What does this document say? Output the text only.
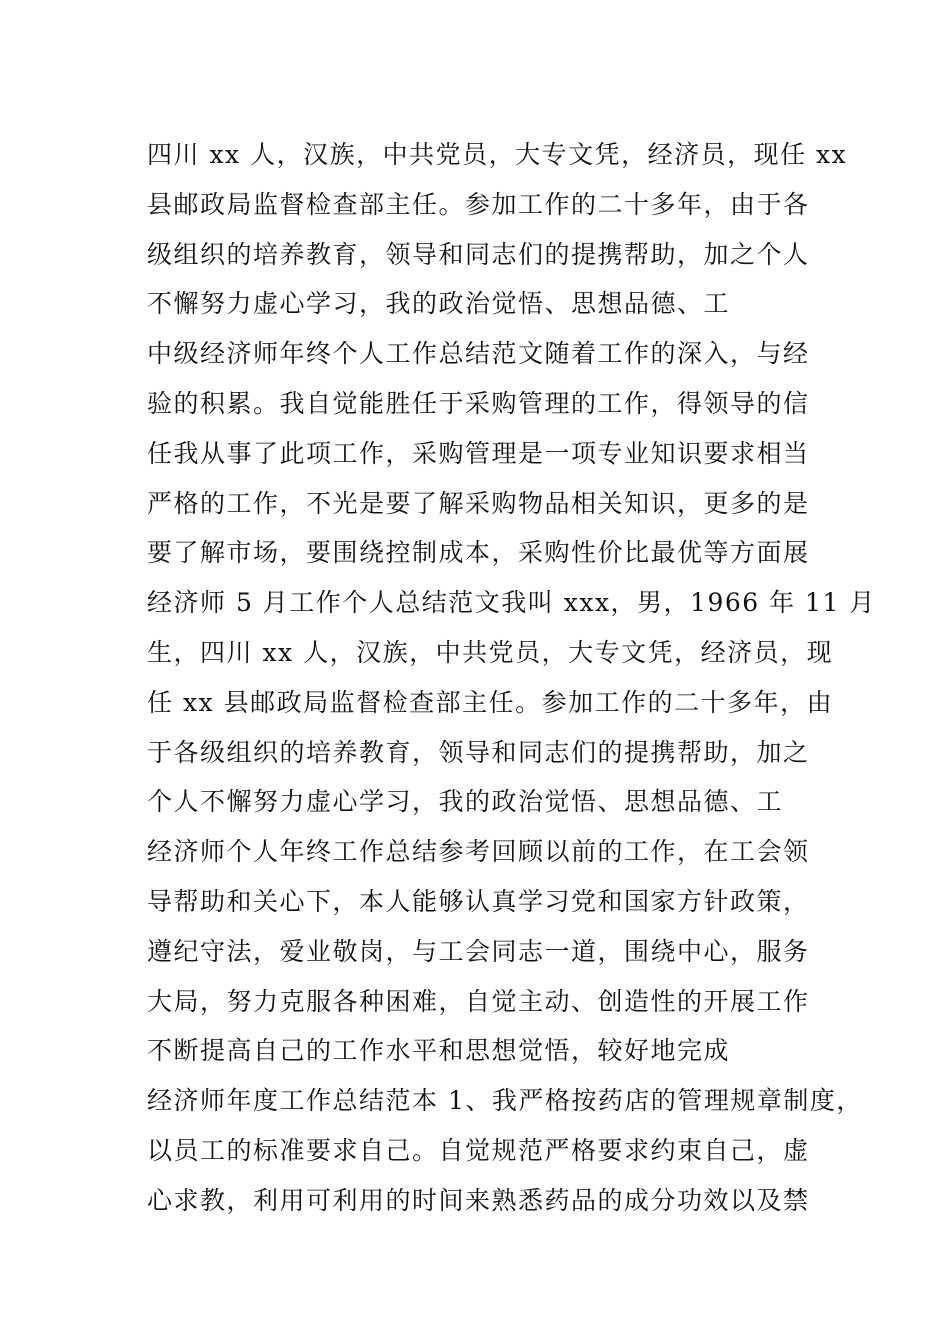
四川 xx 人，汉族，中共党员，大专文凭，经济员，现任 xx
县邮政局监督检查部主任。参加工作的二十多年，由于各
级组织的培养教育，领导和同志们的提携帮助，加之个人
不懈努力虚心学习，我的政治觉悟、思想品德、工
中级经济师年终个人工作总结范文随着工作的深入，与经
验的积累。我自觉能胜任于采购管理的工作，得领导的信
任我从事了此项工作，采购管理是一项专业知识要求相当
严格的工作，不光是要了解采购物品相关知识，更多的是
要了解市场，要围绕控制成本，采购性价比最优等方面展
经济师 5 月工作个人总结范文我叫 xxx，男，1966 年 11 月
生，四川 xx 人，汉族，中共党员，大专文凭，经济员，现
任 xx 县邮政局监督检查部主任。参加工作的二十多年，由
于各级组织的培养教育，领导和同志们的提携帮助，加之
个人不懈努力虚心学习，我的政治觉悟、思想品德、工
经济师个人年终工作总结参考回顾以前的工作，在工会领
导帮助和关心下，本人能够认真学习党和国家方针政策，
遵纪守法，爱业敬岗，与工会同志一道，围绕中心，服务
大局，努力克服各种困难，自觉主动、创造性的开展工作
不断提高自己的工作水平和思想觉悟，较好地完成
经济师年度工作总结范本 1、我严格按药店的管理规章制度，
以员工的标准要求自己。自觉规范严格要求约束自己，虚
心求教，利用可利用的时间来熟悉药品的成分功效以及禁
